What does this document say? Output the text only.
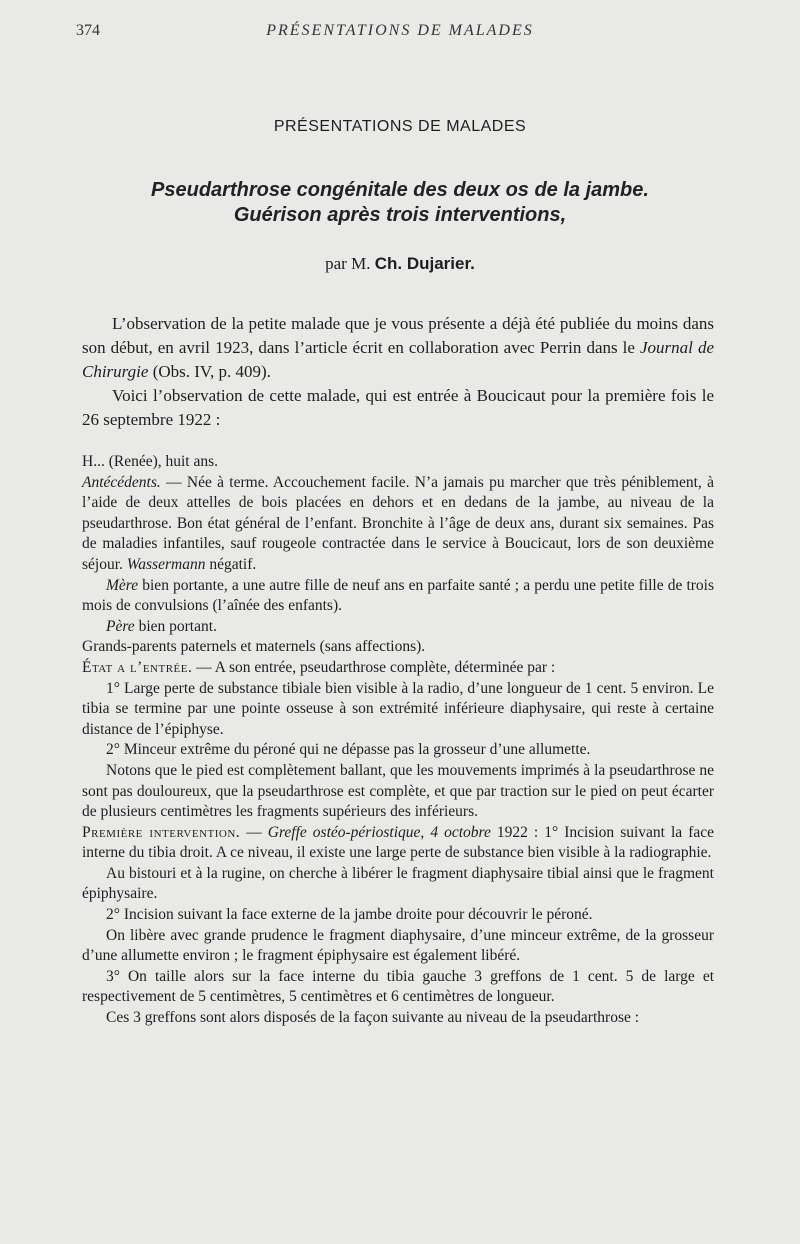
374	PRÉSENTATIONS DE MALADES
PRÉSENTATIONS DE MALADES
Pseudarthrose congénitale des deux os de la jambe.
Guérison après trois interventions,
par M. Ch. Dujarier.

L’observation de la petite malade que je vous présente a déjà été publiée du moins dans son début, en avril 1923, dans l’article écrit en collaboration avec Perrin dans le Journal de Chirurgie (Obs. IV, p. 409).

Voici l’observation de cette malade, qui est entrée à Boucicaut pour la première fois le 26 septembre 1922 :

H... (Renée), huit ans.

Antécédents. — Née à terme. Accouchement facile. N’a jamais pu marcher que très péniblement, à l’aide de deux attelles de bois placées en dehors et en dedans de la jambe, au niveau de la pseudarthrose. Bon état général de l’enfant. Bronchite à l’âge de deux ans, durant six semaines. Pas de maladies infantiles, sauf rougeole contractée dans le service à Boucicaut, lors de son deuxième séjour. Wassermann négatif.

Mère bien portante, a une autre fille de neuf ans en parfaite santé ; a perdu une petite fille de trois mois de convulsions (l’aînée des enfants).

Père bien portant.

Grands-parents paternels et maternels (sans affections).

État a l’entrée. — A son entrée, pseudarthrose complète, déterminée par :

1° Large perte de substance tibiale bien visible à la radio, d’une longueur de 1 cent. 5 environ. Le tibia se termine par une pointe osseuse à son extrémité inférieure diaphysaire, qui reste à certaine distance de l’épiphyse.

2° Minceur extrême du péroné qui ne dépasse pas la grosseur d’une allumette.

Notons que le pied est complètement ballant, que les mouvements imprimés à la pseudarthrose ne sont pas douloureux, que la pseudarthrose est complète, et que par traction sur le pied on peut écarter de plusieurs centimètres les fragments supérieurs des inférieurs.

Première intervention. — Greffe ostéo-périostique, 4 octobre 1922 : 1° Incision suivant la face interne du tibia droit. A ce niveau, il existe une large perte de substance bien visible à la radiographie.

Au bistouri et à la rugine, on cherche à libérer le fragment diaphysaire tibial ainsi que le fragment épiphysaire.

2° Incision suivant la face externe de la jambe droite pour découvrir le péroné.

On libère avec grande prudence le fragment diaphysaire, d’une minceur extrême, de la grosseur d’une allumette environ ; le fragment épiphysaire est également libéré.

3° On taille alors sur la face interne du tibia gauche 3 greffons de 1 cent. 5 de large et respectivement de 5 centimètres, 5 centimètres et 6 centimètres de longueur.

Ces 3 greffons sont alors disposés de la façon suivante au niveau de la pseudarthrose :
